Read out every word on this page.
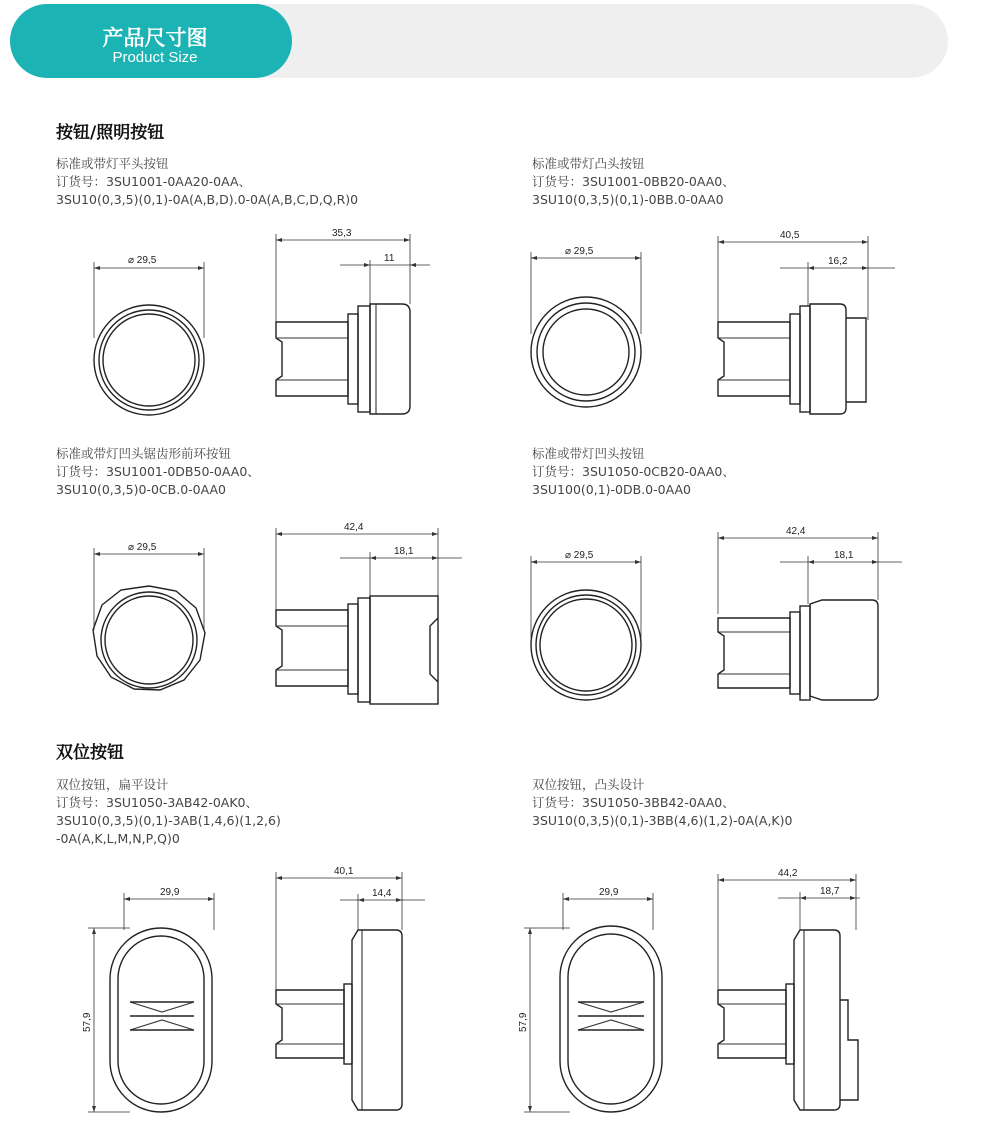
产品尺寸图
Product Size
按钮/照明按钮
双位按钮
标准或带灯平头按钮
订货号：3SU1001-0AA20-0AA、
3SU10(0,3,5)(0,1)-0A(A,B,D).0-0A(A,B,C,D,Q,R)0
标准或带灯凸头按钮
订货号：3SU1001-0BB20-0AA0、
3SU10(0,3,5)(0,1)-0BB.0-0AA0
标准或带灯凹头锯齿形前环按钮
订货号：3SU1001-0DB50-0AA0、
3SU10(0,3,5)0-0CB.0-0AA0
标准或带灯凹头按钮
订货号：3SU1050-0CB20-0AA0、
3SU100(0,1)-0DB.0-0AA0
双位按钮，扁平设计
订货号：3SU1050-3AB42-0AK0、
3SU10(0,3,5)(0,1)-3AB(1,4,6)(1,2,6)
-0A(A,K,L,M,N,P,Q)0
双位按钮，凸头设计
订货号：3SU1050-3BB42-0AA0、
3SU10(0,3,5)(0,1)-3BB(4,6)(1,2)-0A(A,K)0
⌀ 29,5
35,3
11
⌀ 29,5
40,5
16,2
⌀ 29,5
42,4
18,1	⌀ 29,5
42,4
18,1
29,9
57,9
40,1
14,4	29,9
57,9
44,2
18,7
